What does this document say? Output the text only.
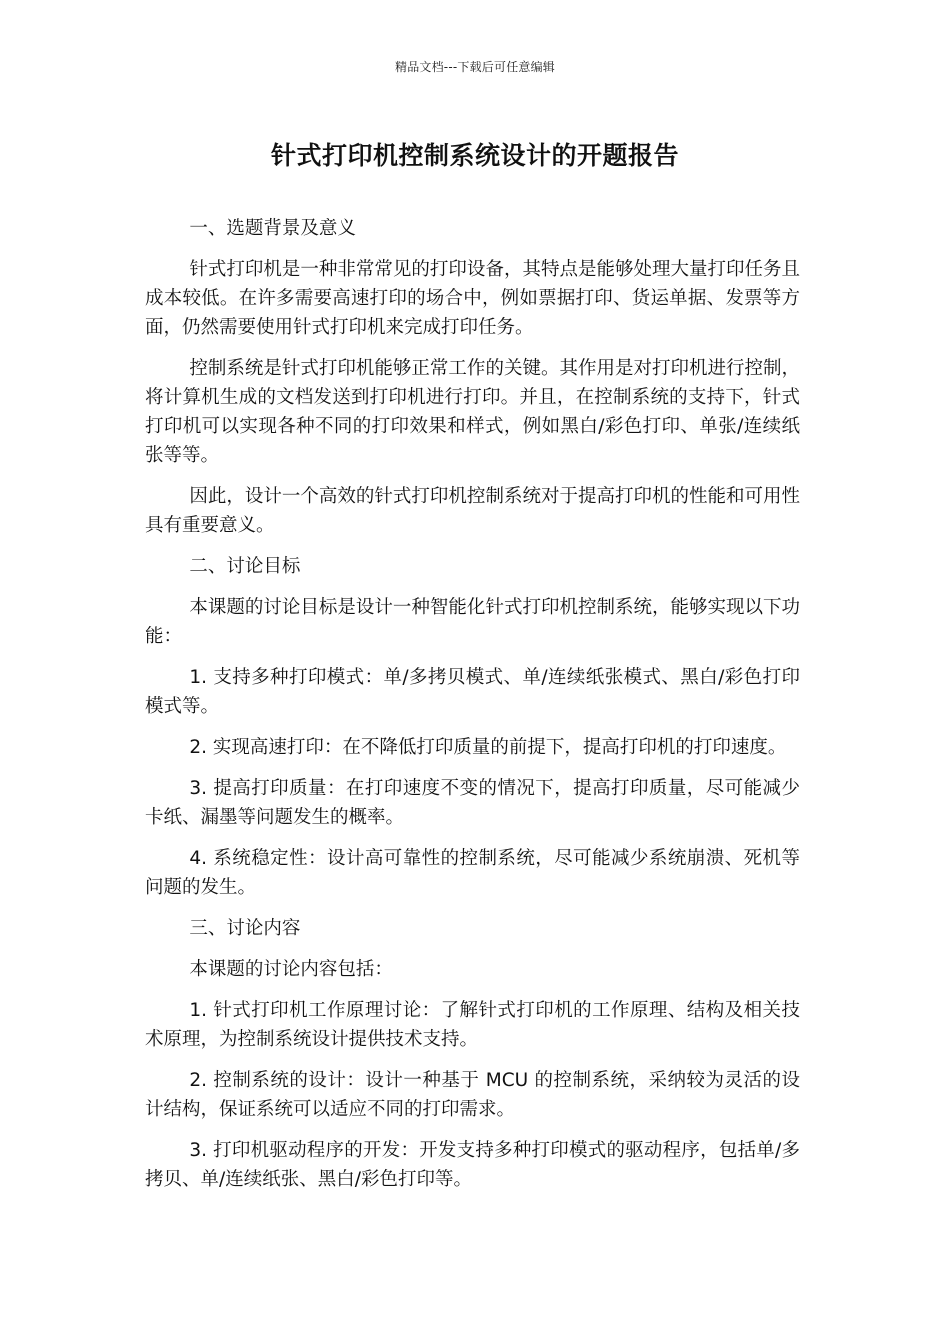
精品文档---下载后可任意编辑
针式打印机控制系统设计的开题报告

一、选题背景及意义

针式打印机是一种非常常见的打印设备，其特点是能够处理大量打印任务且成本较低。在许多需要高速打印的场合中，例如票据打印、货运单据、发票等方面，仍然需要使用针式打印机来完成打印任务。

控制系统是针式打印机能够正常工作的关键。其作用是对打印机进行控制，将计算机生成的文档发送到打印机进行打印。并且，在控制系统的支持下，针式打印机可以实现各种不同的打印效果和样式，例如黑白/彩色打印、单张/连续纸张等等。

因此，设计一个高效的针式打印机控制系统对于提高打印机的性能和可用性具有重要意义。

二、讨论目标

本课题的讨论目标是设计一种智能化针式打印机控制系统，能够实现以下功能：

1. 支持多种打印模式：单/多拷贝模式、单/连续纸张模式、黑白/彩色打印模式等。

2. 实现高速打印：在不降低打印质量的前提下，提高打印机的打印速度。

3. 提高打印质量：在打印速度不变的情况下，提高打印质量，尽可能减少卡纸、漏墨等问题发生的概率。

4. 系统稳定性：设计高可靠性的控制系统，尽可能减少系统崩溃、死机等问题的发生。

三、讨论内容

本课题的讨论内容包括：

1. 针式打印机工作原理讨论：了解针式打印机的工作原理、结构及相关技术原理，为控制系统设计提供技术支持。

2. 控制系统的设计：设计一种基于 MCU 的控制系统，采纳较为灵活的设计结构，保证系统可以适应不同的打印需求。

3. 打印机驱动程序的开发：开发支持多种打印模式的驱动程序，包括单/多拷贝、单/连续纸张、黑白/彩色打印等。
